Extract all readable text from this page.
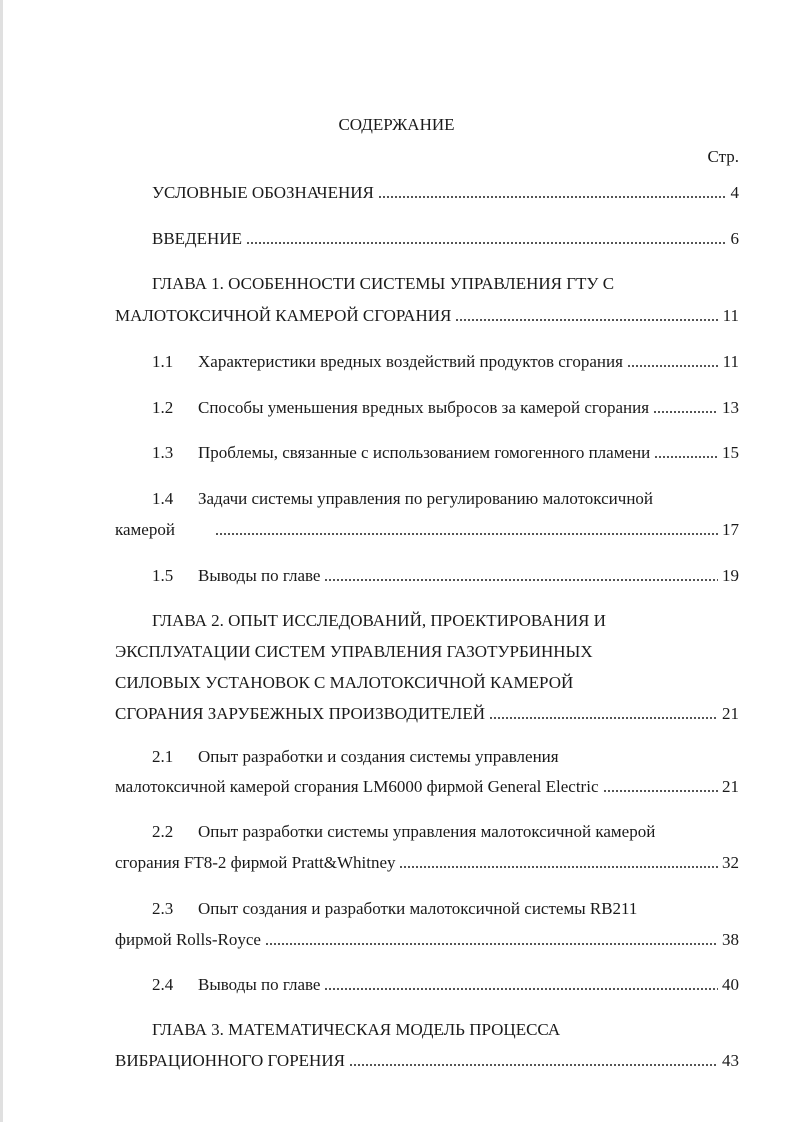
СОДЕРЖАНИЕ
Стр.
УСЛОВНЫЕ ОБОЗНАЧЕНИЯ	4
ВВЕДЕНИЕ	6
ГЛАВА 1. ОСОБЕННОСТИ СИСТЕМЫ УПРАВЛЕНИЯ ГТУ С
МАЛОТОКСИЧНОЙ КАМЕРОЙ СГОРАНИЯ	11
1.1 Характеристики вредных воздействий продуктов сгорания	11
1.2 Способы уменьшения вредных выбросов за камерой сгорания	13
1.3 Проблемы, связанные с использованием гомогенного пламени	15
1.4 Задачи системы управления по регулированию малотоксичной
камерой	17
1.5 Выводы по главе	19
ГЛАВА 2. ОПЫТ ИССЛЕДОВАНИЙ, ПРОЕКТИРОВАНИЯ И
ЭКСПЛУАТАЦИИ СИСТЕМ УПРАВЛЕНИЯ ГАЗОТУРБИННЫХ
СИЛОВЫХ УСТАНОВОК С МАЛОТОКСИЧНОЙ КАМЕРОЙ
СГОРАНИЯ ЗАРУБЕЖНЫХ ПРОИЗВОДИТЕЛЕЙ	21
2.1 Опыт разработки и создания системы управления
малотоксичной камерой сгорания LM6000 фирмой General Electric	21
2.2 Опыт разработки системы управления малотоксичной камерой
сгорания FT8-2 фирмой Pratt&Whitney	32
2.3 Опыт создания и разработки малотоксичной системы RB211
фирмой Rolls-Royce	38
2.4 Выводы по главе	40
ГЛАВА 3. МАТЕМАТИЧЕСКАЯ МОДЕЛЬ ПРОЦЕССА
ВИБРАЦИОННОГО ГОРЕНИЯ	43
